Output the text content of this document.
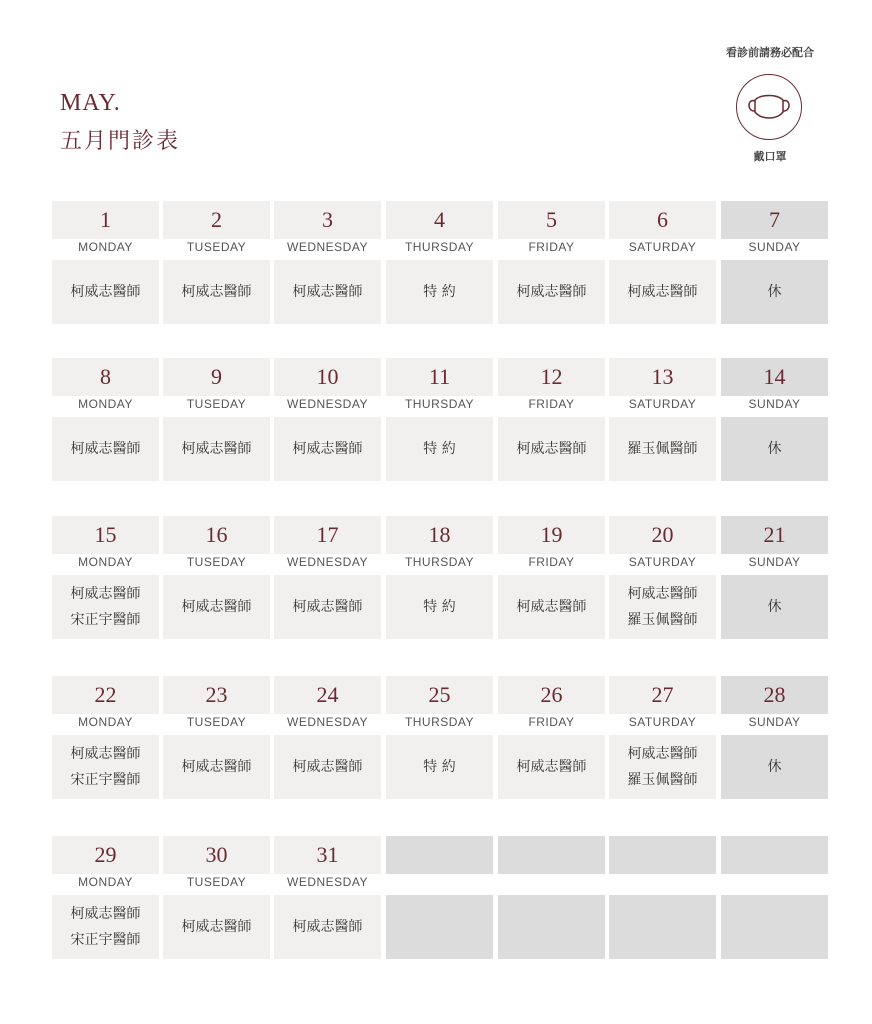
MAY.
五月門診表
看診前請務必配合
戴口罩
1
MONDAY
柯威志醫師
2
TUSEDAY
柯威志醫師
3
WEDNESDAY
柯威志醫師
4
THURSDAY
特 約
5
FRIDAY
柯威志醫師
6
SATURDAY
柯威志醫師
7
SUNDAY
休
8
MONDAY
柯威志醫師
9
TUSEDAY
柯威志醫師
10
WEDNESDAY
柯威志醫師
11
THURSDAY
特 約
12
FRIDAY
柯威志醫師
13
SATURDAY
羅玉佩醫師
14
SUNDAY
休
15
MONDAY
柯威志醫師
宋正宇醫師
16
TUSEDAY
柯威志醫師
17
WEDNESDAY
柯威志醫師
18
THURSDAY
特 約
19
FRIDAY
柯威志醫師
20
SATURDAY
柯威志醫師
羅玉佩醫師
21
SUNDAY
休
22
MONDAY
柯威志醫師
宋正宇醫師
23
TUSEDAY
柯威志醫師
24
WEDNESDAY
柯威志醫師
25
THURSDAY
特 約
26
FRIDAY
柯威志醫師
27
SATURDAY
柯威志醫師
羅玉佩醫師
28
SUNDAY
休
29
MONDAY
柯威志醫師
宋正宇醫師
30
TUSEDAY
柯威志醫師
31
WEDNESDAY
柯威志醫師
